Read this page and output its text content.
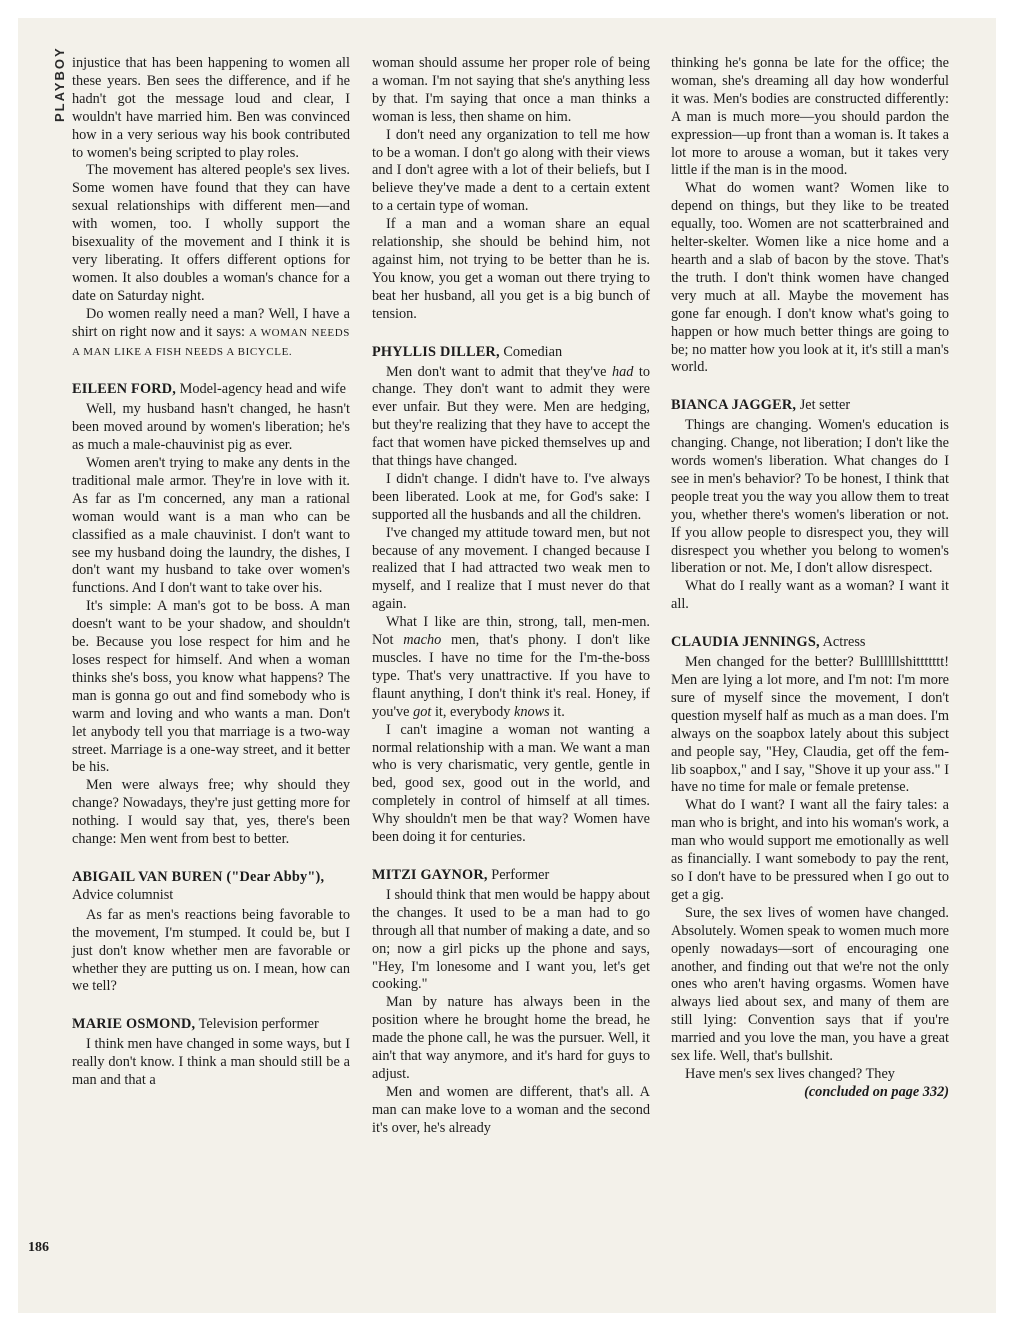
PLAYBOY
186

injustice that has been happening to women all these years. Ben sees the difference, and if he hadn't got the message loud and clear, I wouldn't have married him. Ben was convinced how in a very serious way his book contributed to women's being scripted to play roles.

The movement has altered people's sex lives. Some women have found that they can have sexual relationships with different men—and with women, too. I wholly support the bisexuality of the movement and I think it is very liberating. It offers different options for women. It also doubles a woman's chance for a date on Saturday night.

Do women really need a man? Well, I have a shirt on right now and it says: A WOMAN NEEDS A MAN LIKE A FISH NEEDS A BICYCLE.

EILEEN FORD, Model-agency head and wife

Well, my husband hasn't changed, he hasn't been moved around by women's liberation; he's as much a male-chauvinist pig as ever.

Women aren't trying to make any dents in the traditional male armor. They're in love with it. As far as I'm concerned, any man a rational woman would want is a man who can be classified as a male chauvinist. I don't want to see my husband doing the laundry, the dishes, I don't want my husband to take over women's functions. And I don't want to take over his.

It's simple: A man's got to be boss. A man doesn't want to be your shadow, and shouldn't be. Because you lose respect for him and he loses respect for himself. And when a woman thinks she's boss, you know what happens? The man is gonna go out and find somebody who is warm and loving and who wants a man. Don't let anybody tell you that marriage is a two-way street. Marriage is a one-way street, and it better be his.

Men were always free; why should they change? Nowadays, they're just getting more for nothing. I would say that, yes, there's been change: Men went from best to better.

ABIGAIL VAN BUREN ("Dear Abby"), Advice columnist

As far as men's reactions being favorable to the movement, I'm stumped. It could be, but I just don't know whether men are favorable or whether they are putting us on. I mean, how can we tell?

MARIE OSMOND, Television performer

I think men have changed in some ways, but I really don't know. I think a man should still be a man and that a

woman should assume her proper role of being a woman. I'm not saying that she's anything less by that. I'm saying that once a man thinks a woman is less, then shame on him.

I don't need any organization to tell me how to be a woman. I don't go along with their views and I don't agree with a lot of their beliefs, but I believe they've made a dent to a certain extent to a certain type of woman.

If a man and a woman share an equal relationship, she should be behind him, not against him, not trying to be better than he is. You know, you get a woman out there trying to beat her husband, all you get is a big bunch of tension.

PHYLLIS DILLER, Comedian

Men don't want to admit that they've had to change. They don't want to admit they were ever unfair. But they were. Men are hedging, but they're realizing that they have to accept the fact that women have picked themselves up and that things have changed.

I didn't change. I didn't have to. I've always been liberated. Look at me, for God's sake: I supported all the husbands and all the children.

I've changed my attitude toward men, but not because of any movement. I changed because I realized that I had attracted two weak men to myself, and I realize that I must never do that again.

What I like are thin, strong, tall, men-men. Not macho men, that's phony. I don't like muscles. I have no time for the I'm-the-boss type. That's very unattractive. If you have to flaunt anything, I don't think it's real. Honey, if you've got it, everybody knows it.

I can't imagine a woman not wanting a normal relationship with a man. We want a man who is very charismatic, very gentle, gentle in bed, good sex, good out in the world, and completely in control of himself at all times. Why shouldn't men be that way? Women have been doing it for centuries.

MITZI GAYNOR, Performer

I should think that men would be happy about the changes. It used to be a man had to go through all that number of making a date, and so on; now a girl picks up the phone and says, "Hey, I'm lonesome and I want you, let's get cooking."

Man by nature has always been in the position where he brought home the bread, he made the phone call, he was the pursuer. Well, it ain't that way anymore, and it's hard for guys to adjust.

Men and women are different, that's all. A man can make love to a woman and the second it's over, he's already

thinking he's gonna be late for the office; the woman, she's dreaming all day how wonderful it was. Men's bodies are constructed differently: A man is much more—you should pardon the expression—up front than a woman is. It takes a lot more to arouse a woman, but it takes very little if the man is in the mood.

What do women want? Women like to depend on things, but they like to be treated equally, too. Women are not scatterbrained and helter-skelter. Women like a nice home and a hearth and a slab of bacon by the stove. That's the truth. I don't think women have changed very much at all. Maybe the movement has gone far enough. I don't know what's going to happen or how much better things are going to be; no matter how you look at it, it's still a man's world.

BIANCA JAGGER, Jet setter

Things are changing. Women's education is changing. Change, not liberation; I don't like the words women's liberation. What changes do I see in men's behavior? To be honest, I think that people treat you the way you allow them to treat you, whether there's women's liberation or not. If you allow people to disrespect you, they will disrespect you whether you belong to women's liberation or not. Me, I don't allow disrespect.

What do I really want as a woman? I want it all.

CLAUDIA JENNINGS, Actress

Men changed for the better? Bullllllshittttttt! Men are lying a lot more, and I'm not: I'm more sure of myself since the movement, I don't question myself half as much as a man does. I'm always on the soapbox lately about this subject and people say, "Hey, Claudia, get off the fem-lib soapbox," and I say, "Shove it up your ass." I have no time for male or female pretense.

What do I want? I want all the fairy tales: a man who is bright, and into his woman's work, a man who would support me emotionally as well as financially. I want somebody to pay the rent, so I don't have to be pressured when I go out to get a gig.

Sure, the sex lives of women have changed. Absolutely. Women speak to women much more openly nowadays—sort of encouraging one another, and finding out that we're not the only ones who aren't having orgasms. Women have always lied about sex, and many of them are still lying: Convention says that if you're married and you love the man, you have a great sex life. Well, that's bullshit.

Have men's sex lives changed? They

(concluded on page 332)
